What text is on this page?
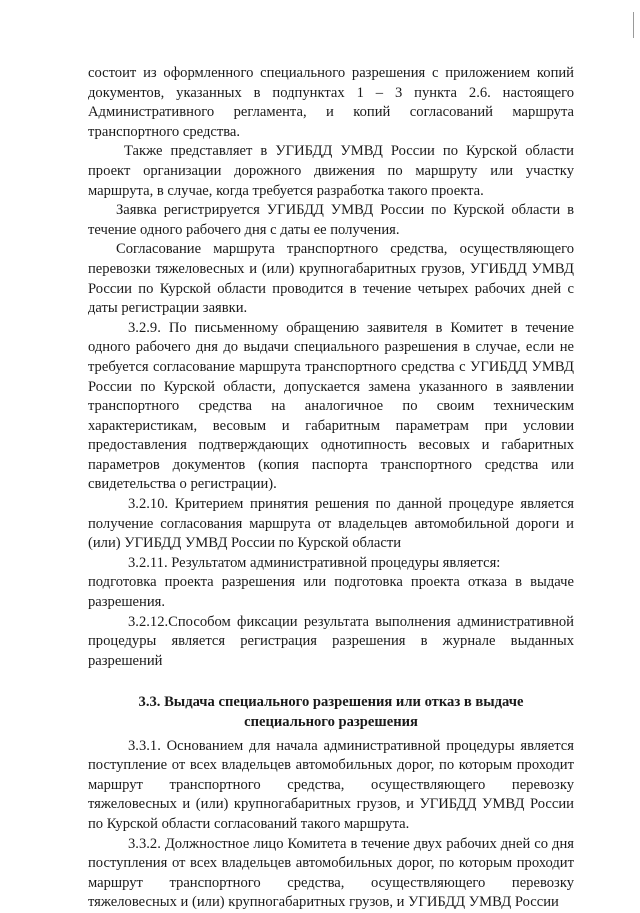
состоит из оформленного специального разрешения с приложением копий документов, указанных в подпунктах 1 – 3 пункта 2.6. настоящего Административного регламента, и копий согласований маршрута транспортного средства.

Также представляет в УГИБДД УМВД России по Курской области проект организации дорожного движения по маршруту или участку маршрута, в случае, когда требуется разработка такого проекта.

Заявка регистрируется УГИБДД УМВД России по Курской области в течение одного рабочего дня с даты ее получения.

Согласование маршрута транспортного средства, осуществляющего перевозки тяжеловесных и (или) крупногабаритных грузов, УГИБДД УМВД России по Курской области проводится в течение четырех рабочих дней с даты регистрации заявки.

3.2.9. По письменному обращению заявителя в Комитет в течение одного рабочего дня до выдачи специального разрешения в случае, если не требуется согласование маршрута транспортного средства с УГИБДД УМВД России по Курской области, допускается замена указанного в заявлении транспортного средства на аналогичное по своим техническим характеристикам, весовым и габаритным параметрам при условии предоставления подтверждающих однотипность весовых и габаритных параметров документов (копия паспорта транспортного средства или свидетельства о регистрации).

3.2.10. Критерием принятия решения по данной процедуре является получение согласования маршрута от владельцев автомобильной дороги и (или) УГИБДД УМВД России по Курской области

3.2.11. Результатом административной процедуры является:

подготовка проекта разрешения или подготовка проекта отказа в выдаче разрешения.

3.2.12.Способом фиксации результата выполнения административной процедуры является регистрация разрешения в журнале выданных разрешений

3.3. Выдача специального разрешения или отказ в выдаче специального разрешения

3.3.1. Основанием для начала административной процедуры является поступление от всех владельцев автомобильных дорог, по которым проходит маршрут транспортного средства, осуществляющего перевозку тяжеловесных и (или) крупногабаритных грузов, и УГИБДД УМВД России по Курской области согласований такого маршрута.

3.3.2. Должностное лицо Комитета в течение двух рабочих дней со дня поступления от всех владельцев автомобильных дорог, по которым проходит маршрут транспортного средства, осуществляющего перевозку тяжеловесных и (или) крупногабаритных грузов, и УГИБДД УМВД России
